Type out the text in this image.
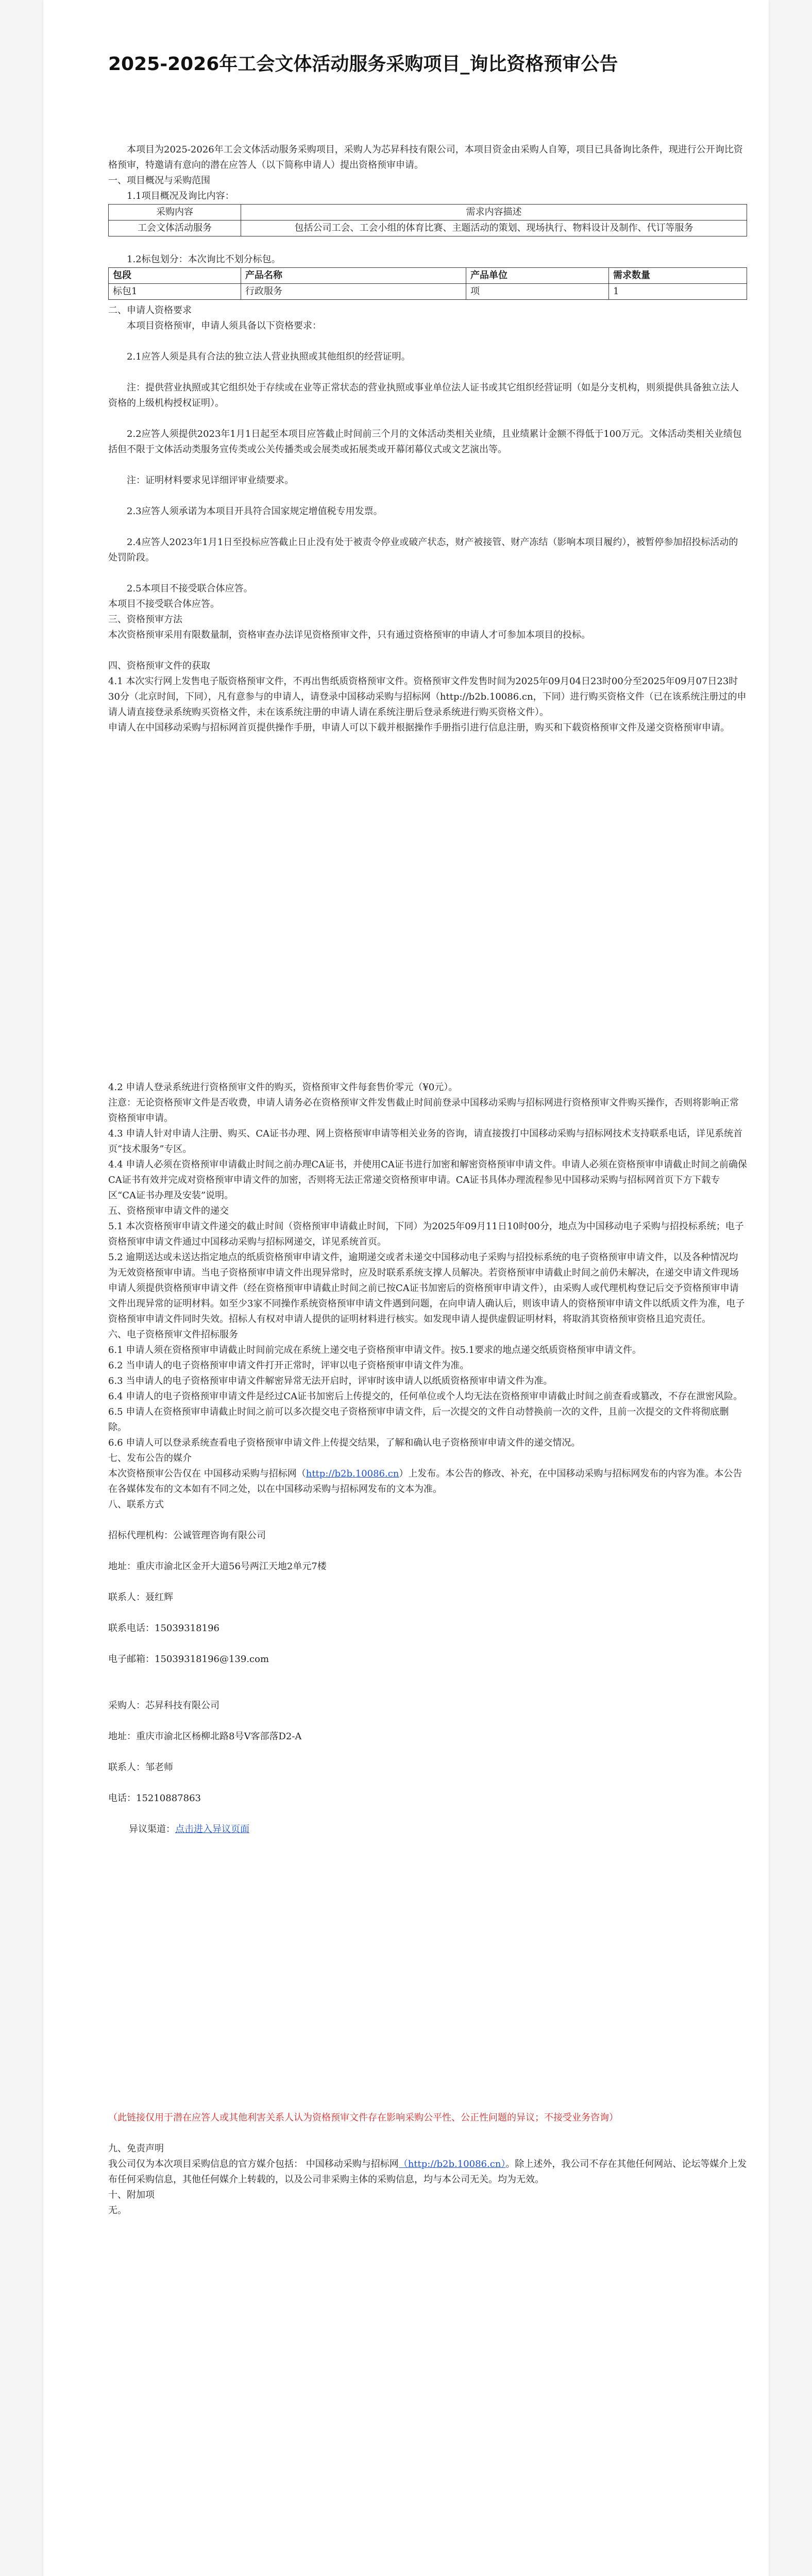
2025-2026年工会文体活动服务采购项目_询比资格预审公告

本项目为2025-2026年工会文体活动服务采购项目，采购人为芯昇科技有限公司，本项目资金由采购人自筹，项目已具备询比条件，现进行公开询比资格预审，特邀请有意向的潜在应答人（以下简称申请人）提出资格预审申请。

一、项目概况与采购范围

1.1项目概况及询比内容：

采购内容	需求内容描述
工会文体活动服务	包括公司工会、工会小组的体育比赛、主题活动的策划、现场执行、物料设计及制作、代订等服务

1.2标包划分：本次询比不划分标包。

包段	产品名称	产品单位	需求数量
标包1	行政服务	项	1

二、申请人资格要求

本项目资格预审，申请人须具备以下资格要求：

2.1应答人须是具有合法的独立法人营业执照或其他组织的经营证明。

注：提供营业执照或其它组织处于存续或在业等正常状态的营业执照或事业单位法人证书或其它组织经营证明（如是分支机构，则须提供具备独立法人资格的上级机构授权证明）。

2.2应答人须提供2023年1月1日起至本项目应答截止时间前三个月的文体活动类相关业绩，且业绩累计金额不得低于100万元。文体活动类相关业绩包括但不限于文体活动类服务宣传类或公关传播类或会展类或拓展类或开幕闭幕仪式或文艺演出等。

注：证明材料要求见详细评审业绩要求。

2.3应答人须承诺为本项目开具符合国家规定增值税专用发票。

2.4应答人2023年1月1日至投标应答截止日止没有处于被责令停业或破产状态，财产被接管、财产冻结（影响本项目履约），被暂停参加招投标活动的处罚阶段。

2.5本项目不接受联合体应答。

本项目不接受联合体应答。

三、资格预审方法

本次资格预审采用有限数量制，资格审查办法详见资格预审文件，只有通过资格预审的申请人才可参加本项目的投标。

四、资格预审文件的获取

4.1 本次实行网上发售电子版资格预审文件，不再出售纸质资格预审文件。资格预审文件发售时间为2025年09月04日23时00分至2025年09月07日23时30分（北京时间，下同），凡有意参与的申请人，请登录中国移动采购与招标网（http://b2b.10086.cn，下同）进行购买资格文件（已在该系统注册过的申请人请直接登录系统购买资格文件，未在该系统注册的申请人请在系统注册后登录系统进行购买资格文件）。

申请人在中国移动采购与招标网首页提供操作手册，申请人可以下载并根据操作手册指引进行信息注册，购买和下载资格预审文件及递交资格预审申请。

4.2 申请人登录系统进行资格预审文件的购买，资格预审文件每套售价零元（¥0元）。

注意：无论资格预审文件是否收费，申请人请务必在资格预审文件发售截止时间前登录中国移动采购与招标网进行资格预审文件购买操作，否则将影响正常资格预审申请。

4.3 申请人针对申请人注册、购买、CA证书办理、网上资格预审申请等相关业务的咨询，请直接拨打中国移动采购与招标网技术支持联系电话，详见系统首页“技术服务”专区。

4.4 申请人必须在资格预审申请截止时间之前办理CA证书，并使用CA证书进行加密和解密资格预审申请文件。申请人必须在资格预审申请截止时间之前确保CA证书有效并完成对资格预审申请文件的加密，否则将无法正常递交资格预审申请。CA证书具体办理流程参见中国移动采购与招标网首页下方下载专区“CA证书办理及安装”说明。

五、资格预审申请文件的递交

5.1 本次资格预审申请文件递交的截止时间（资格预审申请截止时间，下同）为2025年09月11日10时00分，地点为中国移动电子采购与招投标系统；电子资格预审申请文件通过中国移动采购与招标网递交，详见系统首页。

5.2 逾期送达或未送达指定地点的纸质资格预审申请文件，逾期递交或者未递交中国移动电子采购与招投标系统的电子资格预审申请文件，以及各种情况均为无效资格预审申请。当电子资格预审申请文件出现异常时，应及时联系系统支撑人员解决。若资格预审申请截止时间之前仍未解决，在递交申请文件现场申请人须提供资格预审申请文件（经在资格预审申请截止时间之前已按CA证书加密后的资格预审申请文件），由采购人或代理机构登记后交予资格预审申请文件出现异常的证明材料。如至少3家不同操作系统资格预审申请文件遇到问题，在向申请人确认后，则该申请人的资格预审申请文件以纸质文件为准，电子资格预审申请文件同时失效。招标人有权对申请人提供的证明材料进行核实。如发现申请人提供虚假证明材料，将取消其资格预审资格且追究责任。

六、电子资格预审文件招标服务

6.1 申请人须在资格预审申请截止时间前完成在系统上递交电子资格预审申请文件。按5.1要求的地点递交纸质资格预审申请文件。

6.2 当申请人的电子资格预审申请文件打开正常时，评审以电子资格预审申请文件为准。

6.3 当申请人的电子资格预审申请文件解密异常无法开启时，评审时该申请人以纸质资格预审申请文件为准。

6.4 申请人的电子资格预审申请文件是经过CA证书加密后上传提交的，任何单位或个人均无法在资格预审申请截止时间之前查看或篡改，不存在泄密风险。

6.5 申请人在资格预审申请截止时间之前可以多次提交电子资格预审申请文件，后一次提交的文件自动替换前一次的文件，且前一次提交的文件将彻底删除。

6.6 申请人可以登录系统查看电子资格预审申请文件上传提交结果，了解和确认电子资格预审申请文件的递交情况。

七、发布公告的媒介

本次资格预审公告仅在 中国移动采购与招标网（http://b2b.10086.cn）上发布。本公告的修改、补充，在中国移动采购与招标网发布的内容为准。本公告在各媒体发布的文本如有不同之处，以在中国移动采购与招标网发布的文本为准。

八、联系方式

招标代理机构：公诚管理咨询有限公司

地址：重庆市渝北区金开大道56号两江天地2单元7楼

联系人：聂红辉

联系电话：15039318196

电子邮箱：15039318196@139.com

采购人：芯昇科技有限公司

地址：重庆市渝北区杨柳北路8号V客部落D2-A

联系人：邹老师

电话：15210887863

异议渠道：点击进入异议页面

（此链接仅用于潜在应答人或其他利害关系人认为资格预审文件存在影响采购公平性、公正性问题的异议；不接受业务咨询）

九、免责声明

我公司仅为本次项目采购信息的官方媒介包括： 中国移动采购与招标网（http://b2b.10086.cn）。除上述外，我公司不存在其他任何网站、论坛等媒介上发布任何采购信息，其他任何媒介上转载的，以及公司非采购主体的采购信息，均与本公司无关。均为无效。

十、附加项

无。
